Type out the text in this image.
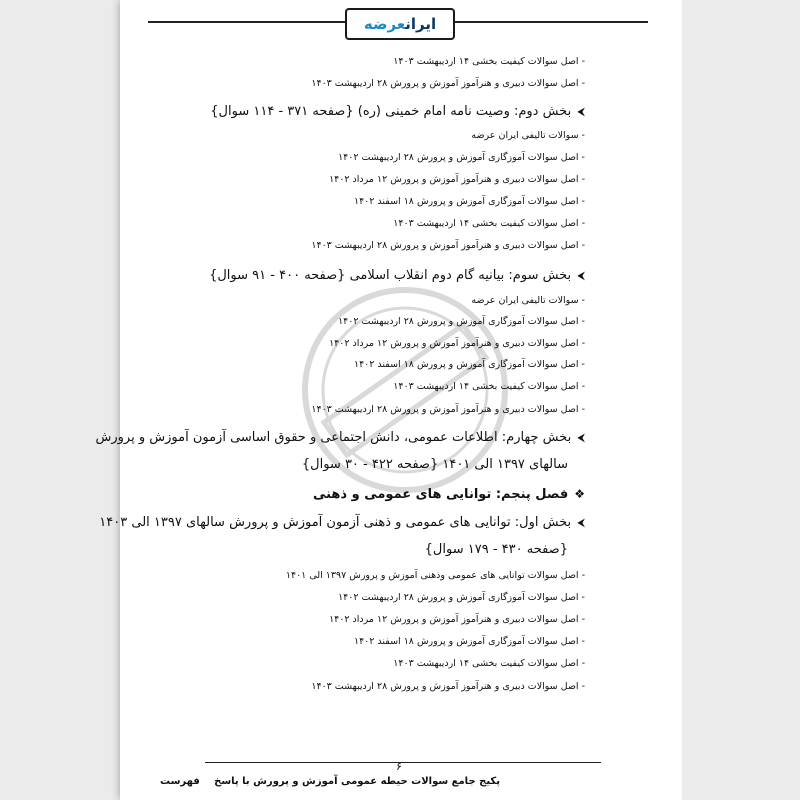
ایرانعرضه
- اصل سوالات کیفیت بخشی ۱۴ اردیبهشت ۱۴۰۳
- اصل سوالات دبیری و هنرآموز آموزش و پرورش ۲۸ اردیبهشت ۱۴۰۳
⮜بخش دوم: وصیت نامه امام خمینی (ره) {صفحه ۳۷۱ - ۱۱۴ سوال}
- سوالات تالیفی ایران عرضه
- اصل سوالات آموزگاری آموزش و پرورش ۲۸ اردیبهشت ۱۴۰۲
- اصل سوالات دبیری و هنرآموز آموزش و پرورش ۱۲ مرداد ۱۴۰۲
- اصل سوالات آموزگاری آموزش و پرورش ۱۸ اسفند ۱۴۰۲
- اصل سوالات کیفیت بخشی ۱۴ اردیبهشت ۱۴۰۳
- اصل سوالات دبیری و هنرآموز آموزش و پرورش ۲۸ اردیبهشت ۱۴۰۳
⮜بخش سوم: بیانیه گام دوم انقلاب اسلامی {صفحه ۴۰۰ - ۹۱ سوال}
- سوالات تالیفی ایران عرضه
- اصل سوالات آموزگاری آموزش و پرورش ۲۸ اردیبهشت ۱۴۰۲
- اصل سوالات دبیری و هنرآموز آموزش و پرورش ۱۲ مرداد ۱۴۰۲
- اصل سوالات آموزگاری آموزش و پرورش ۱۸ اسفند ۱۴۰۲
- اصل سوالات کیفیت بخشی ۱۴ اردیبهشت ۱۴۰۳
- اصل سوالات دبیری و هنرآموز آموزش و پرورش ۲۸ اردیبهشت ۱۴۰۳
⮜بخش چهارم: اطلاعات عمومی، دانش اجتماعی و حقوق اساسی آزمون آموزش و پرورش
سالهای ۱۳۹۷ الی ۱۴۰۱ {صفحه ۴۲۲ - ۳۰ سوال}
❖فصل پنجم: توانایی های عمومی و ذهنی
⮜بخش اول: توانایی های عمومی و ذهنی آزمون آموزش و پرورش سالهای ۱۳۹۷ الی ۱۴۰۳
{صفحه ۴۳۰ - ۱۷۹ سوال}
- اصل سوالات توانایی های عمومی وذهنی آموزش و پرورش ۱۳۹۷ الی ۱۴۰۱
- اصل سوالات آموزگاری آموزش و پرورش ۲۸ اردیبهشت ۱۴۰۲
- اصل سوالات دبیری و هنرآموز آموزش و پرورش ۱۲ مرداد ۱۴۰۲
- اصل سوالات آموزگاری آموزش و پرورش ۱۸ اسفند ۱۴۰۲
- اصل سوالات کیفیت بخشی ۱۴ اردیبهشت ۱۴۰۳
- اصل سوالات دبیری و هنرآموز آموزش و پرورش ۲۸ اردیبهشت ۱۴۰۳
۶
پکیج جامع سوالات حیطه عمومی آموزش و پرورش با پاسخ
فهرست
